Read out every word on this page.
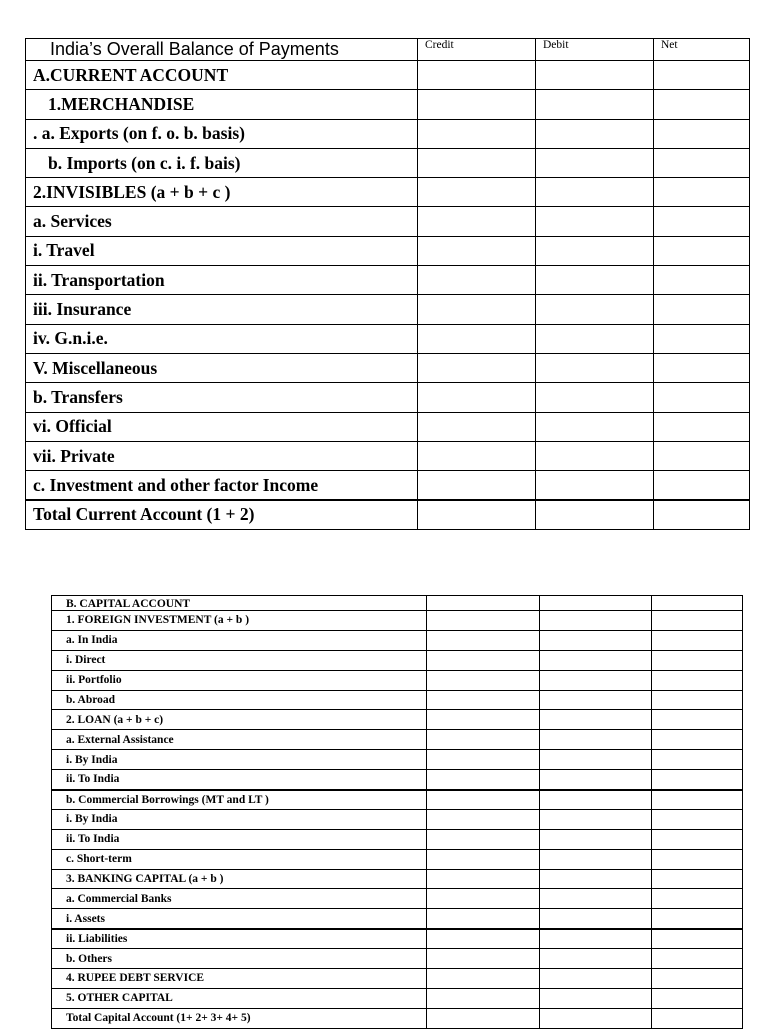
India’s Overall Balance of Payments	Credit	Debit	Net
A.CURRENT ACCOUNT			
1.MERCHANDISE			
. a. Exports (on f. o. b. basis)			
b. Imports (on c. i. f. bais)			
2.INVISIBLES (a + b + c )			
a. Services			
i. Travel			
ii. Transportation			
iii. Insurance			
iv. G.n.i.e.			
V. Miscellaneous			
b. Transfers			
vi. Official			
vii. Private			
c. Investment and other factor Income			
Total Current Account (1 + 2)			
B. CAPITAL ACCOUNT			
1. FOREIGN INVESTMENT (a + b )			
a. In India			
i. Direct			
ii. Portfolio			
b. Abroad			
2. LOAN (a + b + c)			
a. External Assistance			
i. By India			
ii. To India			
b. Commercial Borrowings (MT and LT )			
i. By India			
ii. To India			
c. Short-term			
3. BANKING CAPITAL (a + b )			
a. Commercial Banks			
i. Assets			
ii. Liabilities			
b. Others			
4. RUPEE DEBT SERVICE			
5. OTHER CAPITAL			
Total Capital Account (1+ 2+ 3+ 4+ 5)			
